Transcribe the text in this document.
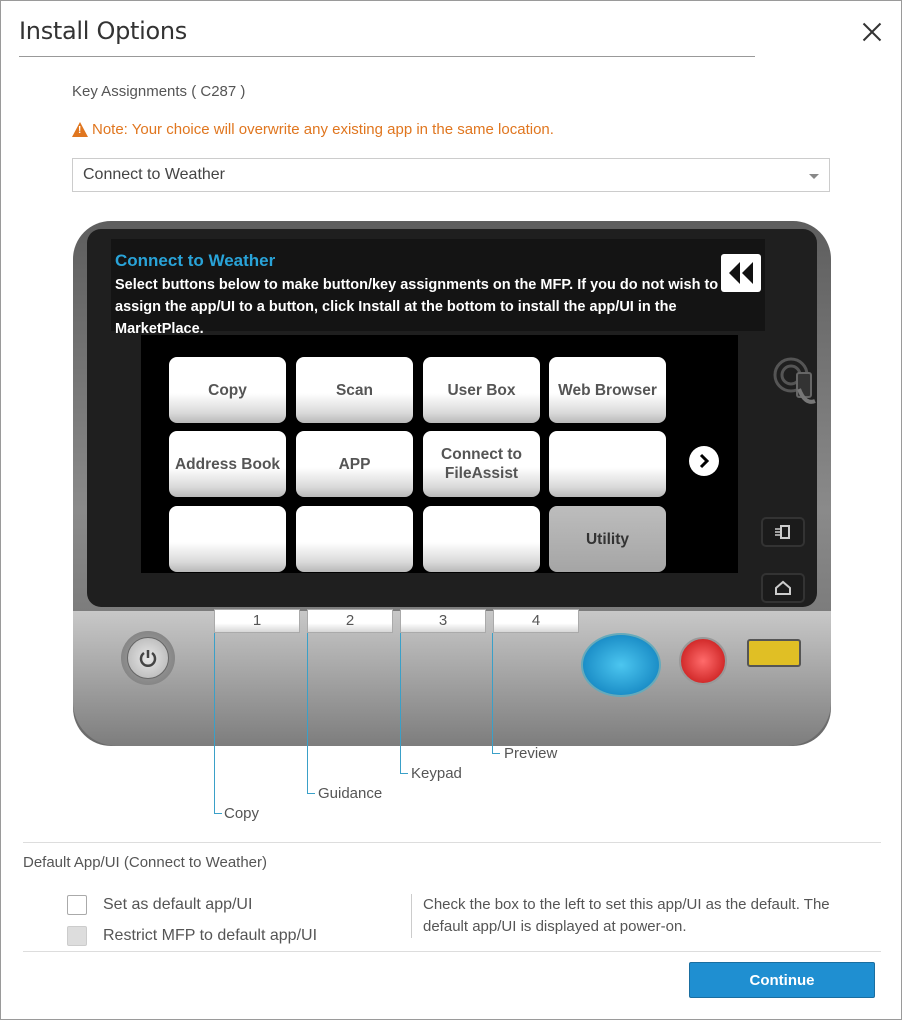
Install Options
Key Assignments ( C287 )
! Note: Your choice will overwrite any existing app in the same location.
Connect to Weather
Copy	Scan	User Box	Web Browser
Address Book	APP
Connect to FileAssist
Utility
Connect to Weather
Select buttons below to make button/key assignments on the MFP. If you do not wish to assign the app/UI to a button, click Install at the bottom to install the app/UI in the MarketPlace.
1	2	3	4
Copy
Guidance
Keypad
Preview
Default App/UI (Connect to Weather)
Set as default app/UI
Restrict MFP to default app/UI
Check the box to the left to set this app/UI as the default. The default app/UI is displayed at power-on.
Continue
